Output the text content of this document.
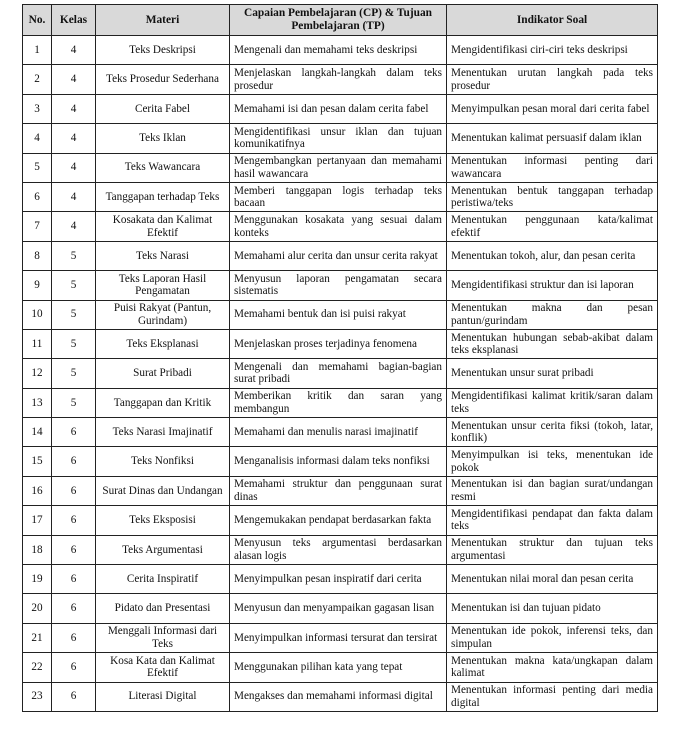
No.	Kelas	Materi	Capaian Pembelajaran (CP) & Tujuan Pembelajaran (TP)	Indikator Soal
1	4	Teks Deskripsi	Mengenali dan memahami teks deskripsi	Mengidentifikasi ciri-ciri teks deskripsi
2	4	Teks Prosedur Sederhana	Menjelaskan langkah-langkah dalam teks prosedur	Menentukan urutan langkah pada teks prosedur
3	4	Cerita Fabel	Memahami isi dan pesan dalam cerita fabel	Menyimpulkan pesan moral dari cerita fabel
4	4	Teks Iklan	Mengidentifikasi unsur iklan dan tujuan komunikatifnya	Menentukan kalimat persuasif dalam iklan
5	4	Teks Wawancara	Mengembangkan pertanyaan dan memahami hasil wawancara	Menentukan informasi penting dari wawancara
6	4	Tanggapan terhadap Teks	Memberi tanggapan logis terhadap teks bacaan	Menentukan bentuk tanggapan terhadap peristiwa/teks
7	4	Kosakata dan Kalimat Efektif	Menggunakan kosakata yang sesuai dalam konteks	Menentukan penggunaan kata/kalimat efektif
8	5	Teks Narasi	Memahami alur cerita dan unsur cerita rakyat	Menentukan tokoh, alur, dan pesan cerita
9	5	Teks Laporan Hasil Pengamatan	Menyusun laporan pengamatan secara sistematis	Mengidentifikasi struktur dan isi laporan
10	5	Puisi Rakyat (Pantun, Gurindam)	Memahami bentuk dan isi puisi rakyat	Menentukan makna dan pesan pantun/gurindam
11	5	Teks Eksplanasi	Menjelaskan proses terjadinya fenomena	Menentukan hubungan sebab-akibat dalam teks eksplanasi
12	5	Surat Pribadi	Mengenali dan memahami bagian-bagian surat pribadi	Menentukan unsur surat pribadi
13	5	Tanggapan dan Kritik	Memberikan kritik dan saran yang membangun	Mengidentifikasi kalimat kritik/saran dalam teks
14	6	Teks Narasi Imajinatif	Memahami dan menulis narasi imajinatif	Menentukan unsur cerita fiksi (tokoh, latar, konflik)
15	6	Teks Nonfiksi	Menganalisis informasi dalam teks nonfiksi	Menyimpulkan isi teks, menentukan ide pokok
16	6	Surat Dinas dan Undangan	Memahami struktur dan penggunaan surat dinas	Menentukan isi dan bagian surat/undangan resmi
17	6	Teks Eksposisi	Mengemukakan pendapat berdasarkan fakta	Mengidentifikasi pendapat dan fakta dalam teks
18	6	Teks Argumentasi	Menyusun teks argumentasi berdasarkan alasan logis	Menentukan struktur dan tujuan teks argumentasi
19	6	Cerita Inspiratif	Menyimpulkan pesan inspiratif dari cerita	Menentukan nilai moral dan pesan cerita
20	6	Pidato dan Presentasi	Menyusun dan menyampaikan gagasan lisan	Menentukan isi dan tujuan pidato
21	6	Menggali Informasi dari Teks	Menyimpulkan informasi tersurat dan tersirat	Menentukan ide pokok, inferensi teks, dan simpulan
22	6	Kosa Kata dan Kalimat Efektif	Menggunakan pilihan kata yang tepat	Menentukan makna kata/ungkapan dalam kalimat
23	6	Literasi Digital	Mengakses dan memahami informasi digital	Menentukan informasi penting dari media digital
